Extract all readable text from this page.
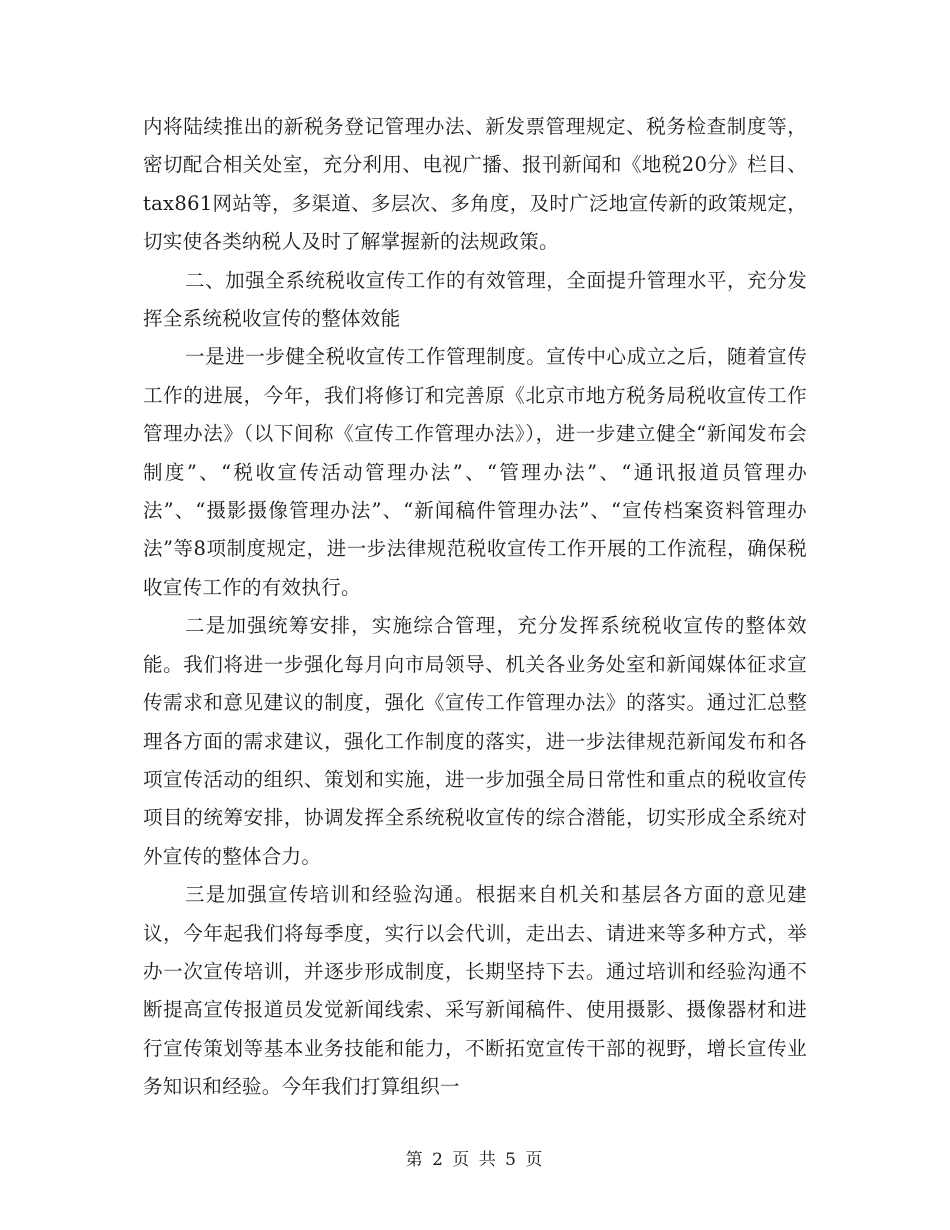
内将陆续推出的新税务登记管理办法、新发票管理规定、税务检查制度等，密切配合相关处室，充分利用、电视广播、报刊新闻和《地税20分》栏目、tax861网站等，多渠道、多层次、多角度，及时广泛地宣传新的政策规定，切实使各类纳税人及时了解掌握新的法规政策。

二、加强全系统税收宣传工作的有效管理，全面提升管理水平，充分发挥全系统税收宣传的整体效能

一是进一步健全税收宣传工作管理制度。宣传中心成立之后，随着宣传工作的进展，今年，我们将修订和完善原《北京市地方税务局税收宣传工作管理办法》（以下间称《宣传工作管理办法》），进一步建立健全“新闻发布会制度”、“税收宣传活动管理办法”、“管理办法”、“通讯报道员管理办法”、“摄影摄像管理办法”、“新闻稿件管理办法”、“宣传档案资料管理办法”等8项制度规定，进一步法律规范税收宣传工作开展的工作流程，确保税收宣传工作的有效执行。

二是加强统筹安排，实施综合管理，充分发挥系统税收宣传的整体效能。我们将进一步强化每月向市局领导、机关各业务处室和新闻媒体征求宣传需求和意见建议的制度，强化《宣传工作管理办法》的落实。通过汇总整理各方面的需求建议，强化工作制度的落实，进一步法律规范新闻发布和各项宣传活动的组织、策划和实施，进一步加强全局日常性和重点的税收宣传项目的统筹安排，协调发挥全系统税收宣传的综合潜能，切实形成全系统对外宣传的整体合力。

三是加强宣传培训和经验沟通。根据来自机关和基层各方面的意见建议，今年起我们将每季度，实行以会代训，走出去、请进来等多种方式，举办一次宣传培训，并逐步形成制度，长期坚持下去。通过培训和经验沟通不断提高宣传报道员发觉新闻线索、采写新闻稿件、使用摄影、摄像器材和进行宣传策划等基本业务技能和能力，不断拓宽宣传干部的视野，增长宣传业务知识和经验。今年我们打算组织一

第 2 页 共 5 页
